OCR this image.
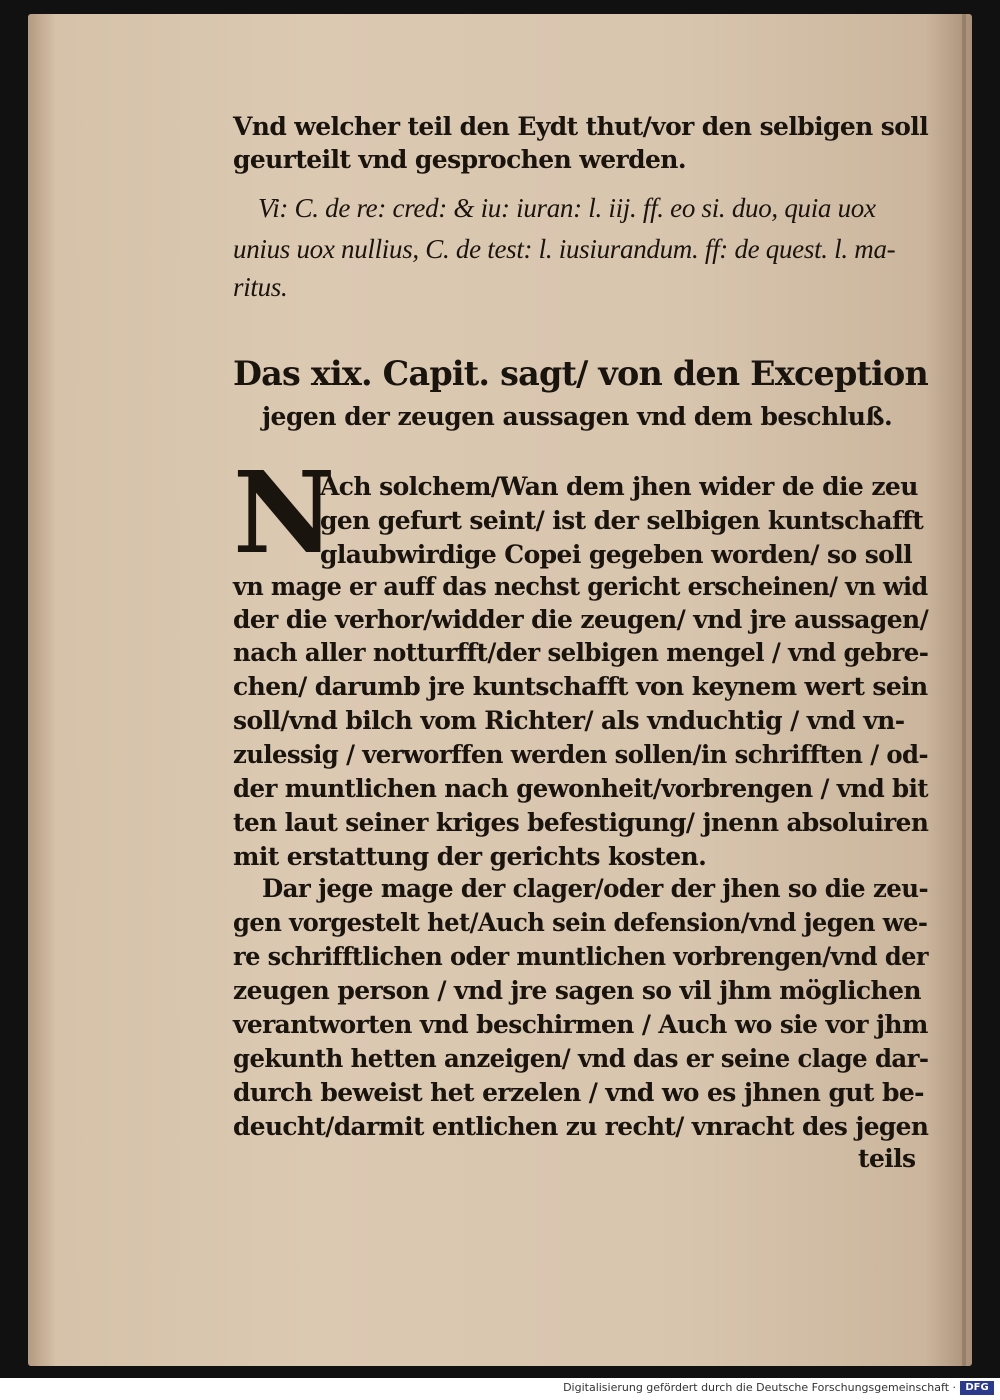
Vnd welcher teil den Eydt thut/vor den selbigen soll
geurteilt vnd gesprochen werden.
Vi: C. de re: cred: & iu: iuran: l. iij. ff. eo si. duo, quia uox
unius uox nullius, C. de test: l. iusiurandum. ff: de quest. l. ma-
ritus.
Das xix. Capit. sagt/ von den Exception
jegen der zeugen aussagen vnd dem beschluß.
N
Ach solchem/Wan dem jhen wider de die zeu
gen gefurt seint/ ist der selbigen kuntschafft
glaubwirdige Copei gegeben worden/ so soll
vn mage er auff das nechst gericht erscheinen/ vn wid
der die verhor/widder die zeugen/ vnd jre aussagen/
nach aller notturfft/der selbigen mengel / vnd gebre-
chen/ darumb jre kuntschafft von keynem wert sein
soll/vnd bilch vom Richter/ als vnduchtig / vnd vn-
zulessig / verworffen werden sollen/in schrifften / od-
der muntlichen nach gewonheit/vorbrengen / vnd bit
ten laut seiner kriges befestigung/ jnenn absoluiren
mit erstattung der gerichts kosten.
Dar jege mage der clager/oder der jhen so die zeu-
gen vorgestelt het/Auch sein defension/vnd jegen we-
re schrifftlichen oder muntlichen vorbrengen/vnd der
zeugen person / vnd jre sagen so vil jhm möglichen
verantworten vnd beschirmen / Auch wo sie vor jhm
gekunth hetten anzeigen/ vnd das er seine clage dar-
durch beweist het erzelen / vnd wo es jhnen gut be-
deucht/darmit entlichen zu recht/ vnracht des jegen
teils
Digitalisierung gefördert durch die Deutsche Forschungsgemeinschaft · DFG
